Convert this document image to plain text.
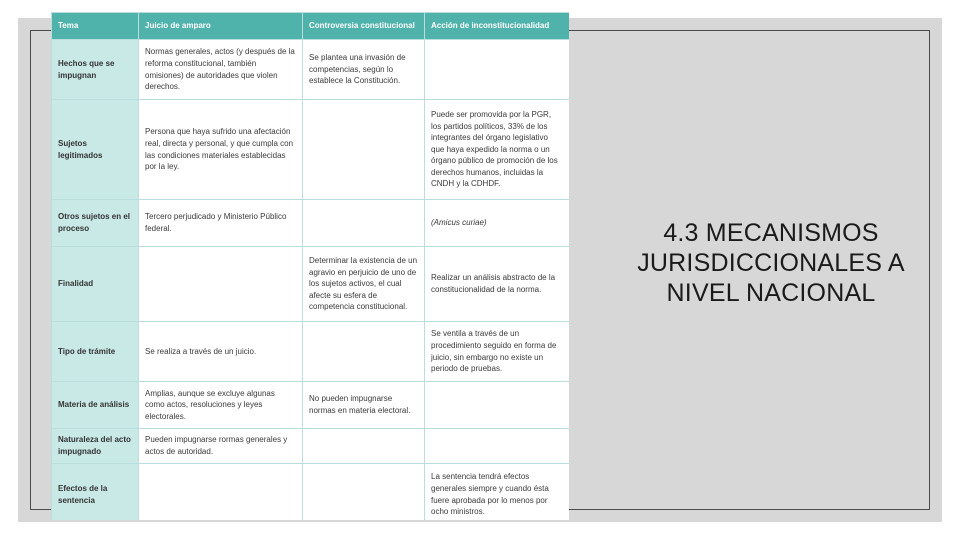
Tema	Juicio de amparo	Controversia constitucional	Acción de inconstitucionalidad
Hechos que se impugnan	Normas generales, actos (y después de la reforma constitucional, también omisiones) de autoridades que violen derechos.	Se plantea una invasión de competencias, según lo establece la Constitución.	
Sujetos legitimados	Persona que haya sufrido una afectación real, directa y personal, y que cumpla con las condiciones materiales establecidas por la ley.		Puede ser promovida por la PGR, los partidos políticos, 33% de los integrantes del órgano legislativo que haya expedido la norma o un órgano público de promoción de los derechos humanos, incluidas la CNDH y la CDHDF.
Otros sujetos en el proceso	Tercero perjudicado y Ministerio Público federal.		(Amicus curiae)
Finalidad		Determinar la existencia de un agravio en perjuicio de uno de los sujetos activos, el cual afecte su esfera de competencia constitucional.	Realizar un análisis abstracto de la constitucionalidad de la norma.
Tipo de trámite	Se realiza a través de un juicio.		Se ventila a través de un procedimiento seguido en forma de juicio, sin embargo no existe un periodo de pruebas.
Materia de análisis	Amplias, aunque se excluye algunas como actos, resoluciones y leyes electorales.	No pueden impugnarse normas en materia electoral.	
Naturaleza del acto impugnado	Pueden impugnarse rormas generales y actos de autoridad.		
Efectos de la sentencia			La sentencia tendrá efectos generales siempre y cuando ésta fuere aprobada por lo menos por ocho ministros.
4.3 MECANISMOS JURISDICCIONALES A NIVEL NACIONAL
